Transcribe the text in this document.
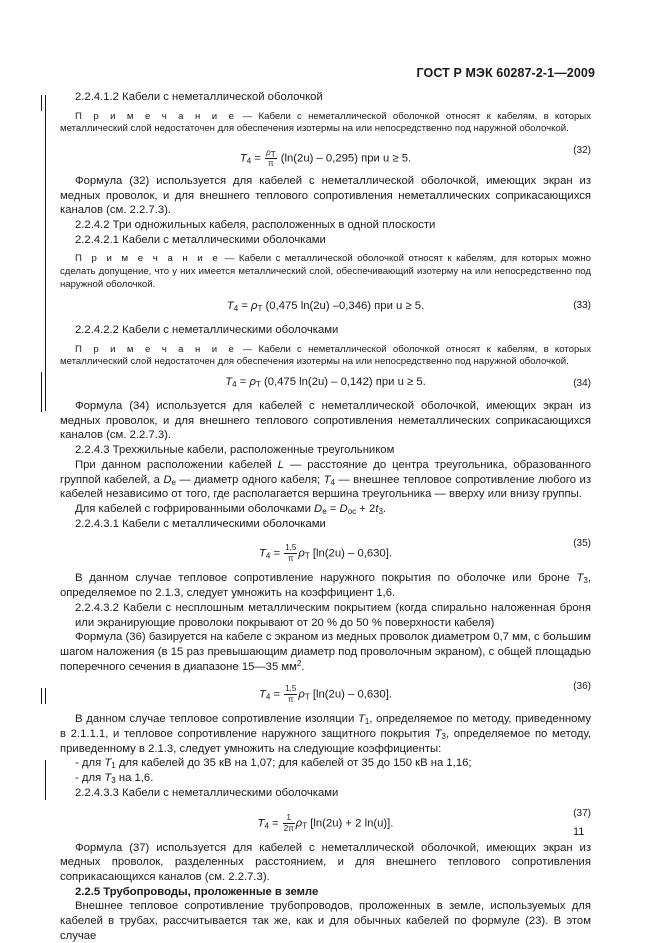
ГОСТ Р МЭК 60287-2-1—2009
2.2.4.1.2 Кабели с неметаллической оболочкой
П р и м е ч а н и е — Кабели с неметаллической оболочкой относят к кабелям, в которых металлический слой недостаточен для обеспечения изотермы на или непосредственно под наружной оболочкой.
$T_4 = \frac{\rho_T}{\pi} (\ln(2u) - 0,295)$ при u ≥ 5.
(32)

Формула (32) используется для кабелей с неметаллической оболочкой, имеющих экран из медных проволок, и для внешнего теплового сопротивления неметаллических соприкасающихся каналов (см. 2.2.7.3).

2.2.4.2 Три одножильных кабеля, расположенных в одной плоскости
2.2.4.2.1 Кабели с металлическими оболочками
П р и м е ч а н и е — Кабели с металлической оболочкой относят к кабелям, для которых можно сделать допущение, что у них имеется металлический слой, обеспечивающий изотерму на или непосредственно под наружной оболочкой.
$T_4 = \rho_T$ (0,475 ln(2u) –0,346) при u ≥ 5.	(33)
2.2.4.2.2 Кабели с неметаллическими оболочками
П р и м е ч а н и е — Кабели с неметаллической оболочкой относят к кабелям, в которых металлический слой недостаточен для обеспечения изотермы на или непосредственно под наружной оболочкой.
$T_4 = \rho_T$ (0,475 ln(2u) – 0,142) при u ≥ 5.	(34)

Формула (34) используется для кабелей с неметаллической оболочкой, имеющих экран из медных проволок, и для внешнего теплового сопротивления неметаллических соприкасающихся каналов (см. 2.2.7.3).

2.2.4.3 Трехжильные кабели, расположенные треугольником

При данном расположении кабелей L — расстояние до центра треугольника, образованного группой кабелей, а $D_e$ — диаметр одного кабеля; $T_4$ — внешнее тепловое сопротивление любого из кабелей независимо от того, где располагается вершина треугольника — вверху или внизу группы.

Для кабелей с гофрированными оболочками $D_e = D_{oc} + 2t_3$.

2.2.4.3.1 Кабели с металлическими оболочками
$T_4 = \frac{1,5}{\pi} \rho_T$ [ln(2u) – 0,630].
(35)

В данном случае тепловое сопротивление наружного покрытия по оболочке или броне $T_3$, определяемое по 2.1.3, следует умножить на коэффициент 1,6.

2.2.4.3.2 Кабели с несплошным металлическим покрытием (когда спирально наложенная броня или экранирующие проволоки покрывают от 20 % до 50 % поверхности кабеля)

Формула (36) базируется на кабеле с экраном из медных проволок диаметром 0,7 мм, с большим шагом наложения (в 15 раз превышающим диаметр под проволочным экраном), с общей площадью поперечного сечения в диапазоне 15—35 $мм^2$.

$T_4 = \frac{1,5}{\pi} \rho_T$ [ln(2u) – 0,630].
(36)

В данном случае тепловое сопротивление изоляции $T_1$, определяемое по методу, приведенному в 2.1.1.1, и тепловое сопротивление наружного защитного покрытия $T_3$, определяемое по методу, приведенному в 2.1.3, следует умножить на следующие коэффициенты:

- для $T_1$ для кабелей до 35 кВ на 1,07; для кабелей от 35 до 150 кВ на 1,16;
- для $T_3$ на 1,6.
2.2.4.3.3 Кабели с неметаллическими оболочками
$T_4 = \frac{1}{2\pi} \rho_T$ [ln(2u) + 2 ln(u)].
(37)

Формула (37) используется для кабелей с неметаллической оболочкой, имеющих экран из медных проволок, разделенных расстоянием, и для внешнего теплового сопротивления соприкасающихся каналов (см. 2.2.7.3).

2.2.5 Трубопроводы, проложенные в земле

Внешнее тепловое сопротивление трубопроводов, проложенных в земле, используемых для кабелей в трубах, рассчитывается так же, как и для обычных кабелей по формуле (23). В этом случае

11
